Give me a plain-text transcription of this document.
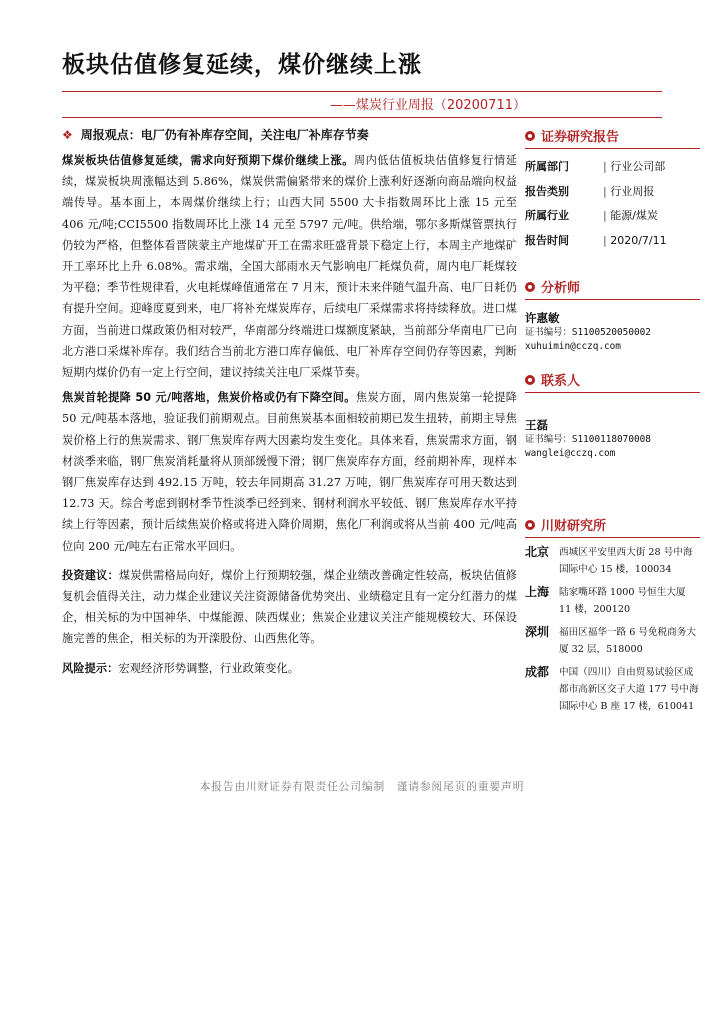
板块估值修复延续，煤价继续上涨
——煤炭行业周报（20200711）
❖ 周报观点：电厂仍有补库存空间，关注电厂补库存节奏

煤炭板块估值修复延续，需求向好预期下煤价继续上涨。周内低估值板块估值修复行情延续，煤炭板块周涨幅达到 5.86%，煤炭供需偏紧带来的煤价上涨利好逐渐向商品端向权益端传导。基本面上，本周煤价继续上行；山西大同 5500 大卡指数周环比上涨 15 元至 406 元/吨;CCI5500 指数周环比上涨 14 元至 5797 元/吨。供给端，鄂尔多斯煤管票执行仍较为严格，但整体看晋陕蒙主产地煤矿开工在需求旺盛背景下稳定上行，本周主产地煤矿开工率环比上升 6.08%。需求端，全国大部雨水天气影响电厂耗煤负荷，周内电厂耗煤较为平稳；季节性规律看，火电耗煤峰值通常在 7 月末，预计未来伴随气温升高、电厂日耗仍有提升空间。迎峰度夏到来，电厂将补充煤炭库存，后续电厂采煤需求将持续释放。进口煤方面，当前进口煤政策仍相对较严，华南部分终端进口煤额度紧缺，当前部分华南电厂已向北方港口采煤补库存。我们结合当前北方港口库存偏低、电厂补库存空间仍存等因素，判断短期内煤价仍有一定上行空间，建议持续关注电厂采煤节奏。

焦炭首轮提降 50 元/吨落地，焦炭价格或仍有下降空间。焦炭方面，周内焦炭第一轮提降 50 元/吨基本落地，验证我们前期观点。目前焦炭基本面相较前期已发生扭转，前期主导焦炭价格上行的焦炭需求、钢厂焦炭库存两大因素均发生变化。具体来看，焦炭需求方面，钢材淡季来临，钢厂焦炭消耗量将从顶部缓慢下滑；钢厂焦炭库存方面，经前期补库，现样本钢厂焦炭库存达到 492.15 万吨，较去年同期高 31.27 万吨，钢厂焦炭库存可用天数达到 12.73 天。综合考虑到钢材季节性淡季已经到来、钢材利润水平较低、钢厂焦炭库存水平持续上行等因素，预计后续焦炭价格或将进入降价周期，焦化厂利润或将从当前 400 元/吨高位向 200 元/吨左右正常水平回归。

投资建议：煤炭供需格局向好，煤价上行预期较强，煤企业绩改善确定性较高，板块估值修复机会值得关注，动力煤企业建议关注资源储备优势突出、业绩稳定且有一定分红潜力的煤企，相关标的为中国神华、中煤能源、陕西煤业；焦炭企业建议关注产能规模较大、环保设施完善的焦企，相关标的为开滦股份、山西焦化等。

风险提示：宏观经济形势调整，行业政策变化。

证券研究报告
所属部门	| 行业公司部
报告类别	| 行业周报
所属行业	| 能源/煤炭
报告时间	| 2020/7/11
分析师

许惠敏

证书编号：S1100520050002
xuhuimin@cczq.com
联系人

王磊

证书编号：S1100118070008
wanglei@cczq.com
川财研究所
北京	西城区平安里西大街 28 号中海国际中心 15 楼，100034
上海	陆家嘴环路 1000 号恒生大厦 11 楼，200120
深圳	福田区福华一路 6 号免税商务大厦 32 层，518000
成都	中国（四川）自由贸易试验区成都市高新区交子大道 177 号中海国际中心 B 座 17 楼，610041
本报告由川财证券有限责任公司编制　谨请参阅尾页的重要声明
